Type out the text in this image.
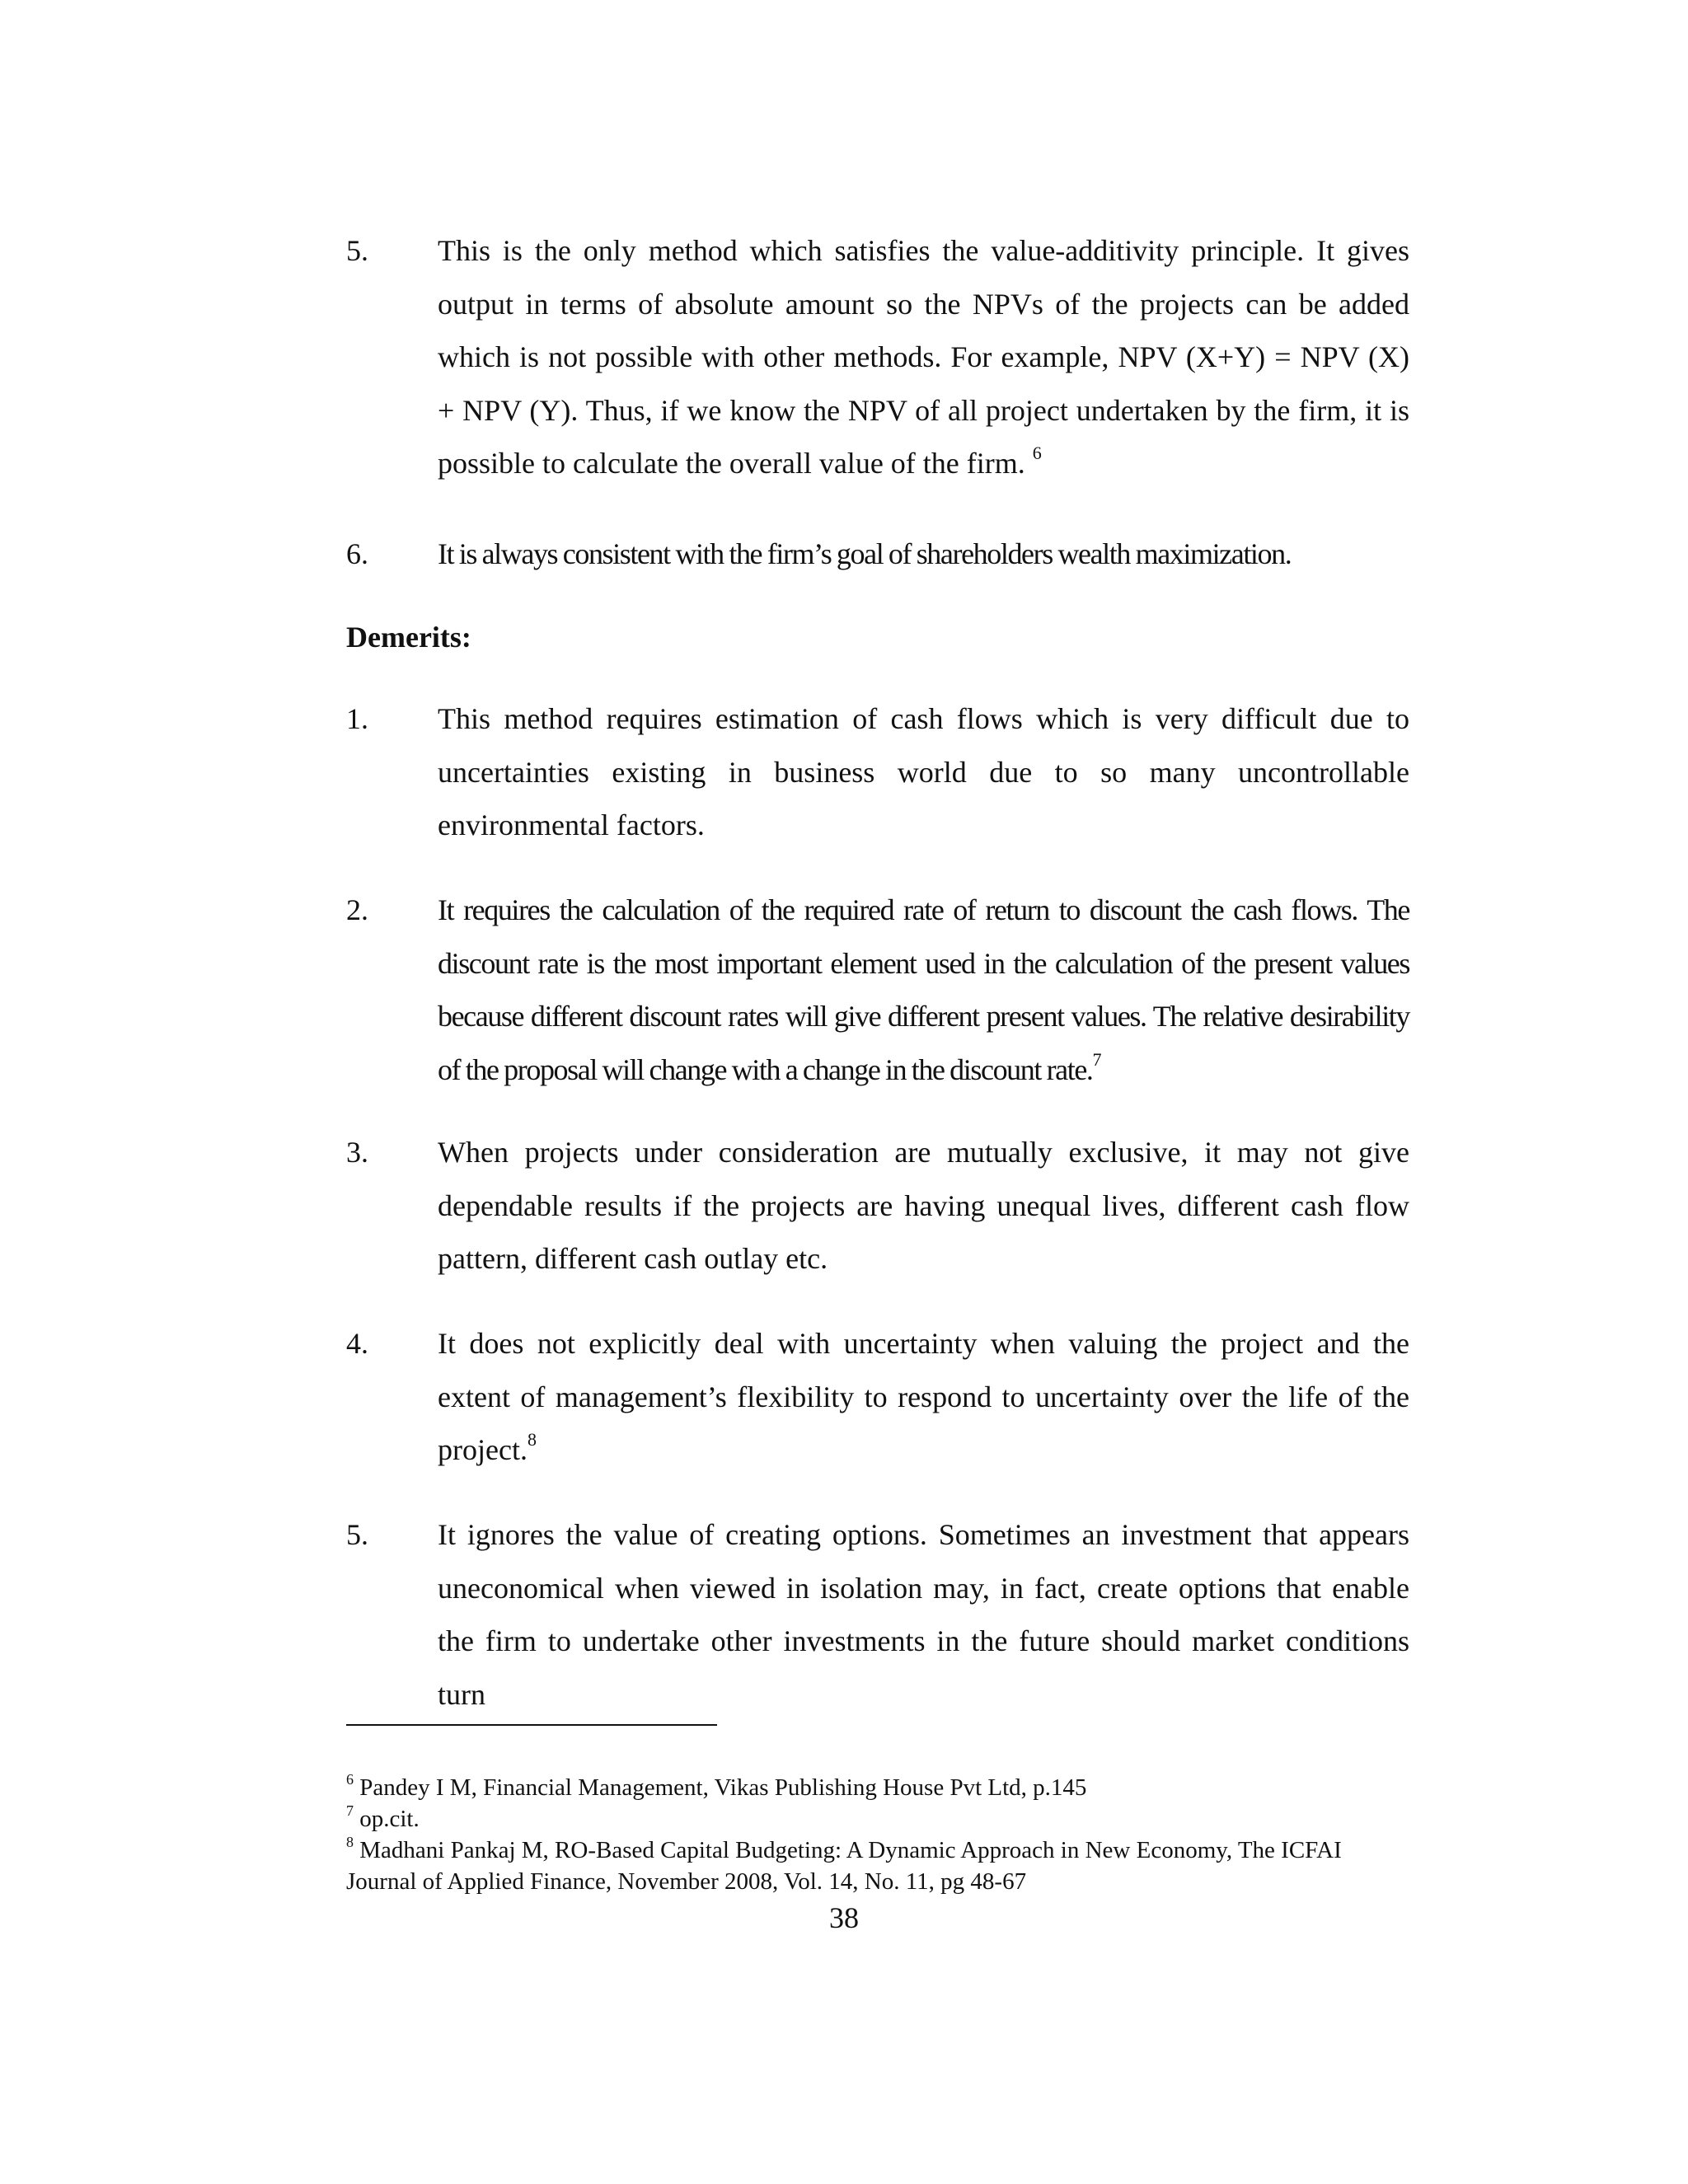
5. This is the only method which satisfies the value-additivity principle. It gives output in terms of absolute amount so the NPVs of the projects can be added which is not possible with other methods. For example, NPV (X+Y) = NPV (X) + NPV (Y). Thus, if we know the NPV of all project undertaken by the firm, it is possible to calculate the overall value of the firm. $^6$
6. It is always consistent with the firm’s goal of shareholders wealth maximization.
Demerits:
1. This method requires estimation of cash flows which is very difficult due to uncertainties existing in business world due to so many uncontrollable environmental factors.
2. It requires the calculation of the required rate of return to discount the cash flows. The discount rate is the most important element used in the calculation of the present values because different discount rates will give different present values. The relative desirability of the proposal will change with a change in the discount rate.$^7$
3. When projects under consideration are mutually exclusive, it may not give dependable results if the projects are having unequal lives, different cash flow pattern, different cash outlay etc.
4. It does not explicitly deal with uncertainty when valuing the project and the extent of management’s flexibility to respond to uncertainty over the life of the project.$^8$
5. It ignores the value of creating options. Sometimes an investment that appears uneconomical when viewed in isolation may, in fact, create options that enable the firm to undertake other investments in the future should market conditions turn

$^6$ Pandey I M, Financial Management, Vikas Publishing House Pvt Ltd, p.145

$^7$ op.cit.

$^8$ Madhani Pankaj M, RO-Based Capital Budgeting: A Dynamic Approach in New Economy, The ICFAI Journal of Applied Finance, November 2008, Vol. 14, No. 11, pg 48-67

38
